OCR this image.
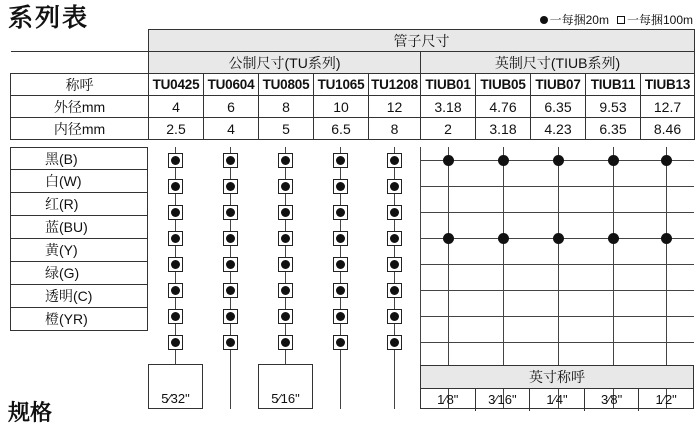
系列表	一每捆20m 一每捆100m
	管子尺寸									
	公制尺寸(TU系列)					英制尺寸(TIUB系列)				
称呼	TU0425	TU0604	TU0805	TU1065	TU1208	TIUB01	TIUB05	TIUB07	TIUB11	TIUB13
外径mm	4	6	8	10	12	3.18	4.76	6.35	9.53	12.7
内径mm	2.5	4	5	6.5	8	2	3.18	4.23	6.35	8.46
黑(B)
白(W)
红(R)
蓝(BU)
黄(Y)
绿(G)
透明(C)
橙(YR)
5⁄32"	5⁄16"
英寸称呼
1⁄8"	3⁄16"	1⁄4"	3⁄8"	1⁄2"
规格
